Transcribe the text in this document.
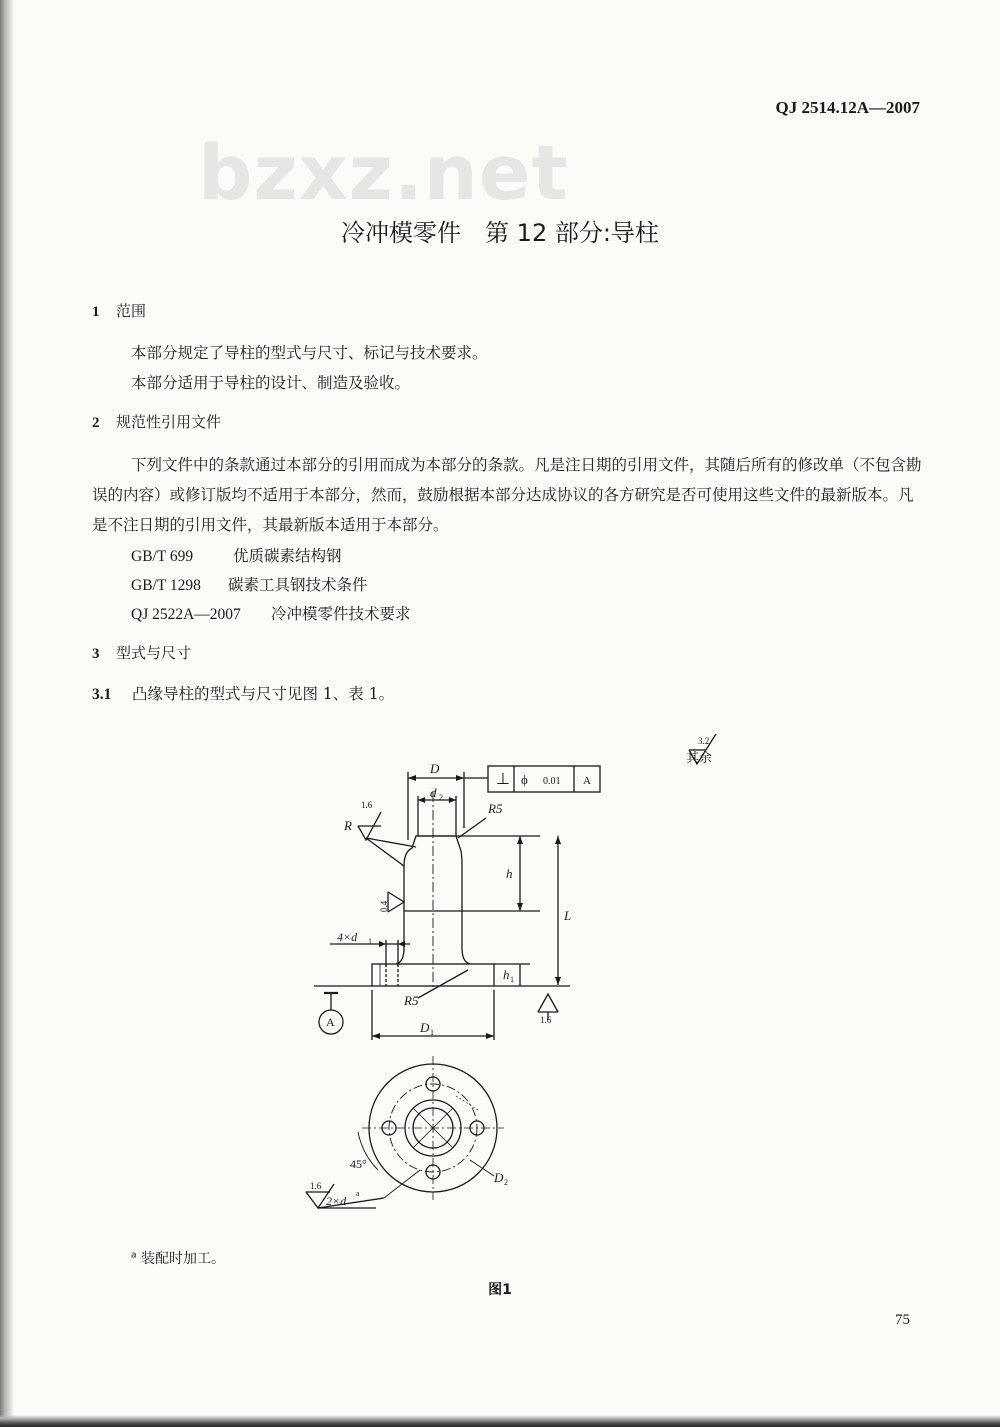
QJ 2514.12A—2007
bzxz.net
冷冲模零件　第 12 部分:导柱
1 范围
本部分规定了导柱的型式与尺寸、标记与技术要求。
本部分适用于导柱的设计、制造及验收。
2 规范性引用文件
下列文件中的条款通过本部分的引用而成为本部分的条款。凡是注日期的引用文件，其随后所有的修改单（不包含勘误的内容）或修订版均不适用于本部分，然而，鼓励根据本部分达成协议的各方研究是否可使用这些文件的最新版本。凡是不注日期的引用文件，其最新版本适用于本部分。
GB/T 699	优质碳素结构钢
GB/T 1298 碳素工具钢技术条件
QJ 2522A—2007 冷冲模零件技术要求
3 型式与尺寸
3.1 凸缘导柱的型式与尺寸见图 1、表 1。
其余
3.2
D
⊥ ϕ 0.01 A
d 2
1.6
R
R5
h
L
0.4
4×d 1
h 1
R5
1.6
A	D 1
45°
D 2
1.6
2×d
a
$^a$ 装配时加工。
图1
75
